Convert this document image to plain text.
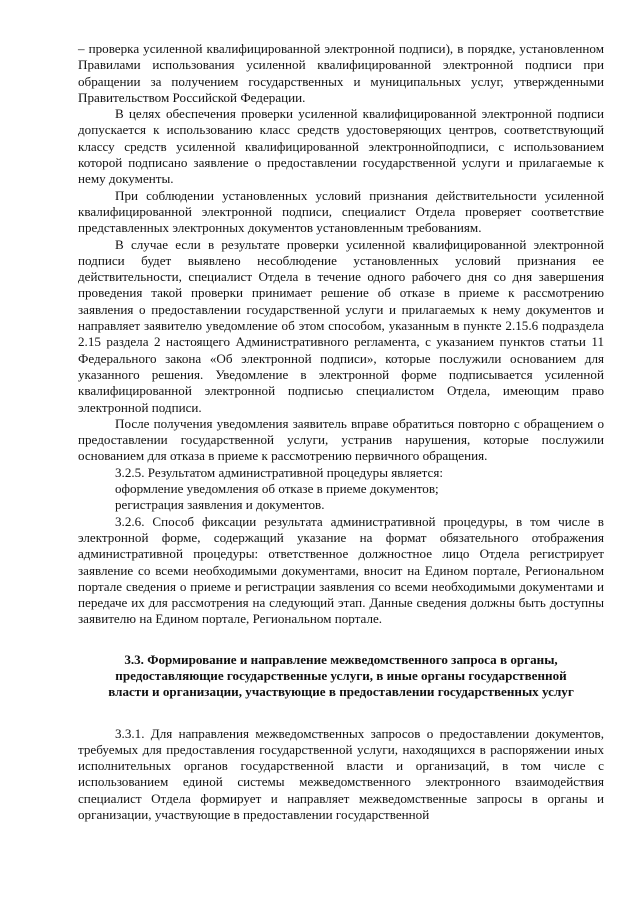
– проверка усиленной квалифицированной электронной подписи), в порядке, установленном Правилами использования усиленной квалифицированной электронной подписи при обращении за получением государственных и муниципальных услуг, утвержденными Правительством Российской Федерации.

В целях обеспечения проверки усиленной квалифицированной электронной подписи допускается к использованию класс средств удостоверяющих центров, соответствующий классу средств усиленной квалифицированной электроннойподписи, с использованием которой подписано заявление о предоставлении государственной услуги и прилагаемые к нему документы.

При соблюдении установленных условий признания действительности усиленной квалифицированной электронной подписи, специалист Отдела проверяет соответствие представленных электронных документов установленным требованиям.

В случае если в результате проверки усиленной квалифицированной электронной подписи будет выявлено несоблюдение установленных условий признания ее действительности, специалист Отдела в течение одного рабочего дня со дня завершения проведения такой проверки принимает решение об отказе в приеме к рассмотрению заявления о предоставлении государственной услуги и прилагаемых к нему документов и направляет заявителю уведомление об этом способом, указанным в пункте 2.15.6 подраздела 2.15 раздела 2 настоящего Административного регламента, с указанием пунктов статьи 11 Федерального закона «Об электронной подписи», которые послужили основанием для указанного решения. Уведомление в электронной форме подписывается усиленной квалифицированной электронной подписью специалистом Отдела, имеющим право электронной подписи.

После получения уведомления заявитель вправе обратиться повторно с обращением о предоставлении государственной услуги, устранив нарушения, которые послужили основанием для отказа в приеме к рассмотрению первичного обращения.

3.2.5. Результатом административной процедуры является:

оформление уведомления об отказе в приеме документов;

регистрация заявления и документов.

3.2.6. Способ фиксации результата административной процедуры, в том числе в электронной форме, содержащий указание на формат обязательного отображения административной процедуры: ответственное должностное лицо Отдела регистрирует заявление со всеми необходимыми документами, вносит на Едином портале, Региональном портале сведения о приеме и регистрации заявления со всеми необходимыми документами и передаче их для рассмотрения на следующий этап. Данные сведения должны быть доступны заявителю на Едином портале, Региональном портале.

3.3. Формирование и направление межведомственного запроса в органы,

предоставляющие государственные услуги, в иные органы государственной

власти и организации, участвующие в предоставлении государственных услуг

3.3.1. Для направления межведомственных запросов о предоставлении документов, требуемых для предоставления государственной услуги, находящихся в распоряжении иных исполнительных органов государственной власти и организаций, в том числе с использованием единой системы межведомственного электронного взаимодействия специалист Отдела формирует и направляет межведомственные запросы в органы и организации, участвующие в предоставлении государственной
